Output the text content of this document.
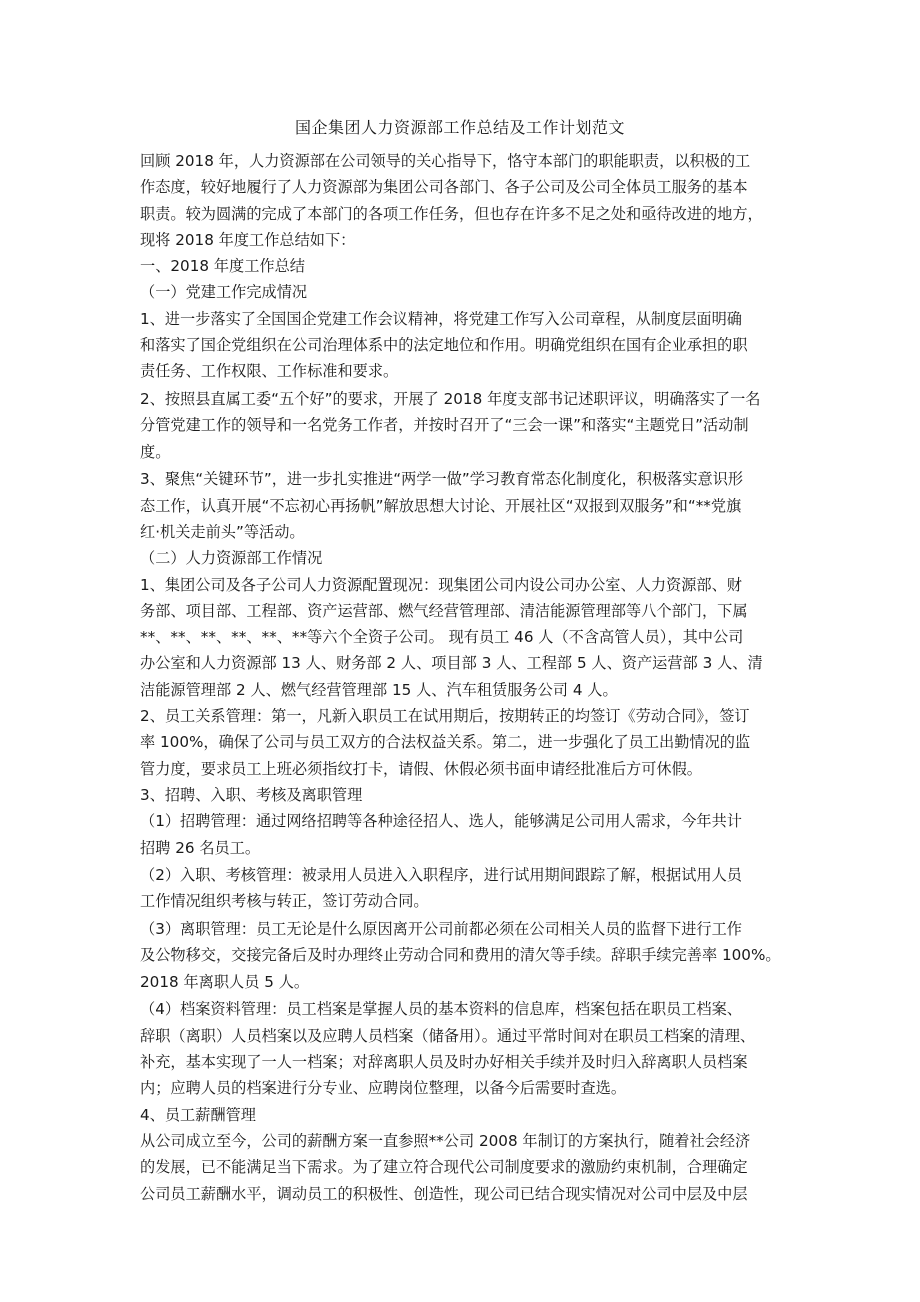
国企集团人力资源部工作总结及工作计划范文
回顾 2018 年，人力资源部在公司领导的关心指导下，恪守本部门的职能职责，以积极的工
作态度，较好地履行了人力资源部为集团公司各部门、各子公司及公司全体员工服务的基本
职责。较为圆满的完成了本部门的各项工作任务，但也存在许多不足之处和亟待改进的地方，
现将 2018 年度工作总结如下：
一、2018 年度工作总结
（一）党建工作完成情况
1、进一步落实了全国国企党建工作会议精神，将党建工作写入公司章程，从制度层面明确
和落实了国企党组织在公司治理体系中的法定地位和作用。明确党组织在国有企业承担的职
责任务、工作权限、工作标准和要求。
2、按照县直属工委“五个好”的要求，开展了 2018 年度支部书记述职评议，明确落实了一名
分管党建工作的领导和一名党务工作者，并按时召开了“三会一课”和落实“主题党日”活动制
度。
3、聚焦“关键环节”，进一步扎实推进“两学一做”学习教育常态化制度化，积极落实意识形
态工作，认真开展“不忘初心再扬帆”解放思想大讨论、开展社区“双报到双服务”和“**党旗
红·机关走前头”等活动。
（二）人力资源部工作情况
1、集团公司及各子公司人力资源配置现况：现集团公司内设公司办公室、人力资源部、财
务部、项目部、工程部、资产运营部、燃气经营管理部、清洁能源管理部等八个部门，下属
**、**、**、**、**、**等六个全资子公司。 现有员工 46 人（不含高管人员），其中公司
办公室和人力资源部 13 人、财务部 2 人、项目部 3 人、工程部 5 人、资产运营部 3 人、清
洁能源管理部 2 人、燃气经营管理部 15 人、汽车租赁服务公司 4 人。
2、员工关系管理：第一，凡新入职员工在试用期后，按期转正的均签订《劳动合同》，签订
率 100%，确保了公司与员工双方的合法权益关系。第二，进一步强化了员工出勤情况的监
管力度，要求员工上班必须指纹打卡，请假、休假必须书面申请经批准后方可休假。
3、招聘、入职、考核及离职管理
（1）招聘管理：通过网络招聘等各种途径招人、选人，能够满足公司用人需求，今年共计
招聘 26 名员工。
（2）入职、考核管理：被录用人员进入入职程序，进行试用期间跟踪了解，根据试用人员
工作情况组织考核与转正，签订劳动合同。
（3）离职管理：员工无论是什么原因离开公司前都必须在公司相关人员的监督下进行工作
及公物移交，交接完备后及时办理终止劳动合同和费用的清欠等手续。辞职手续完善率 100%。
2018 年离职人员 5 人。
（4）档案资料管理：员工档案是掌握人员的基本资料的信息库，档案包括在职员工档案、
辞职（离职）人员档案以及应聘人员档案（储备用）。通过平常时间对在职员工档案的清理、
补充，基本实现了一人一档案；对辞离职人员及时办好相关手续并及时归入辞离职人员档案
内；应聘人员的档案进行分专业、应聘岗位整理，以备今后需要时查选。
4、员工薪酬管理
从公司成立至今，公司的薪酬方案一直参照**公司 2008 年制订的方案执行，随着社会经济
的发展，已不能满足当下需求。为了建立符合现代公司制度要求的激励约束机制，合理确定
公司员工薪酬水平，调动员工的积极性、创造性，现公司已结合现实情况对公司中层及中层
